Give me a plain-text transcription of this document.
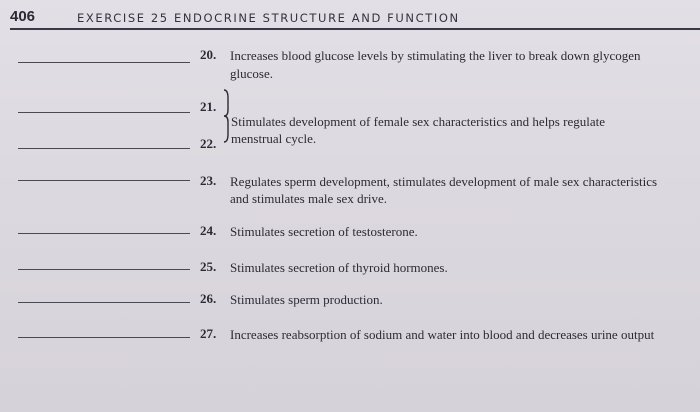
406	EXERCISE 25 ENDOCRINE STRUCTURE AND FUNCTION
20. Increases blood glucose levels by stimulating the liver to break down glycogen
glucose.
21.
22.
Stimulates development of female sex characteristics and helps regulate
menstrual cycle.
23. Regulates sperm development, stimulates development of male sex characteristics
and stimulates male sex drive.
24. Stimulates secretion of testosterone.
25. Stimulates secretion of thyroid hormones.
26. Stimulates sperm production.
27. Increases reabsorption of sodium and water into blood and decreases urine output
